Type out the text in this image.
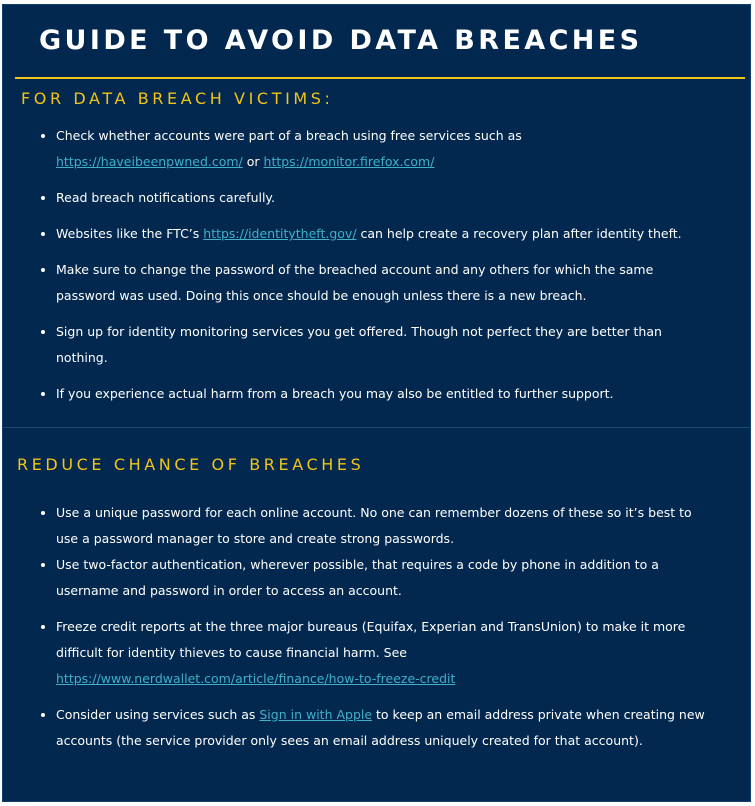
GUIDE TO AVOID DATA BREACHES
FOR DATA BREACH VICTIMS:
• Check whether accounts were part of a breach using free services such as https://haveibeenpwned.com/ or https://monitor.firefox.com/
• Read breach notifications carefully.
• Websites like the FTC’s https://identitytheft.gov/ can help create a recovery plan after identity theft.
• Make sure to change the password of the breached account and any others for which the same password was used. Doing this once should be enough unless there is a new breach.
• Sign up for identity monitoring services you get offered. Though not perfect they are better than nothing.
• If you experience actual harm from a breach you may also be entitled to further support.
REDUCE CHANCE OF BREACHES
• Use a unique password for each online account. No one can remember dozens of these so it’s best to use a password manager to store and create strong passwords.
• Use two-factor authentication, wherever possible, that requires a code by phone in addition to a username and password in order to access an account.
• Freeze credit reports at the three major bureaus (Equifax, Experian and TransUnion) to make it more difficult for identity thieves to cause financial harm. See https://www.nerdwallet.com/article/finance/how-to-freeze-credit
• Consider using services such as Sign in with Apple to keep an email address private when creating new accounts (the service provider only sees an email address uniquely created for that account).
